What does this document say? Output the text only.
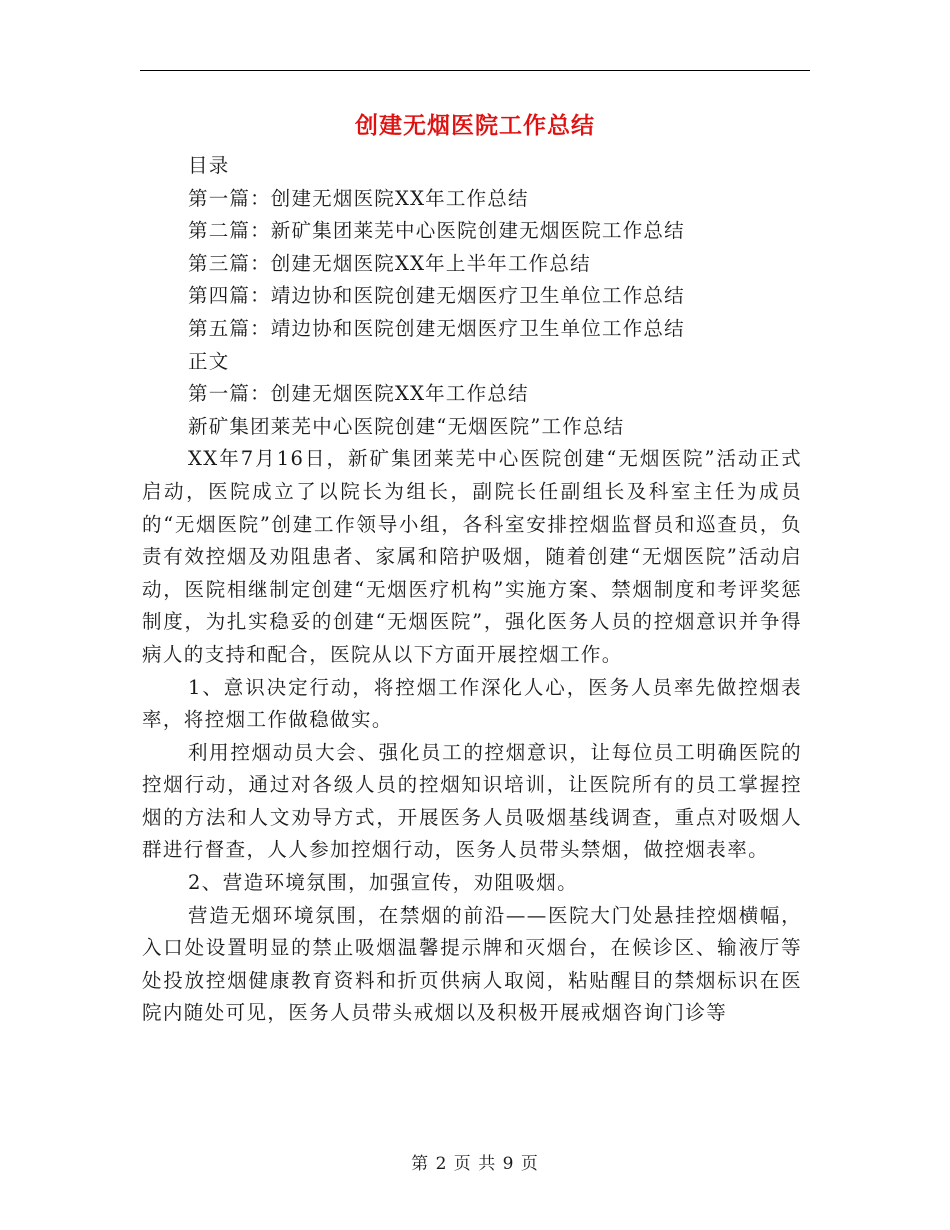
创建无烟医院工作总结
目录
第一篇：创建无烟医院XX年工作总结
第二篇：新矿集团莱芜中心医院创建无烟医院工作总结
第三篇：创建无烟医院XX年上半年工作总结
第四篇：靖边协和医院创建无烟医疗卫生单位工作总结
第五篇：靖边协和医院创建无烟医疗卫生单位工作总结
正文
第一篇：创建无烟医院XX年工作总结
新矿集团莱芜中心医院创建“无烟医院”工作总结
XX年7月16日，新矿集团莱芜中心医院创建“无烟医院”活动正式启动，医院成立了以院长为组长，副院长任副组长及科室主任为成员的“无烟医院”创建工作领导小组，各科室安排控烟监督员和巡查员，负责有效控烟及劝阻患者、家属和陪护吸烟，随着创建“无烟医院”活动启动，医院相继制定创建“无烟医疗机构”实施方案、禁烟制度和考评奖惩制度，为扎实稳妥的创建“无烟医院”，强化医务人员的控烟意识并争得病人的支持和配合，医院从以下方面开展控烟工作。
1、意识决定行动，将控烟工作深化人心，医务人员率先做控烟表率，将控烟工作做稳做实。
利用控烟动员大会、强化员工的控烟意识，让每位员工明确医院的控烟行动，通过对各级人员的控烟知识培训，让医院所有的员工掌握控烟的方法和人文劝导方式，开展医务人员吸烟基线调查，重点对吸烟人群进行督查，人人参加控烟行动，医务人员带头禁烟，做控烟表率。
2、营造环境氛围，加强宣传，劝阻吸烟。
营造无烟环境氛围，在禁烟的前沿——医院大门处悬挂控烟横幅，入口处设置明显的禁止吸烟温馨提示牌和灭烟台，在候诊区、输液厅等处投放控烟健康教育资料和折页供病人取阅，粘贴醒目的禁烟标识在医院内随处可见，医务人员带头戒烟以及积极开展戒烟咨询门诊等
第 2 页 共 9 页
